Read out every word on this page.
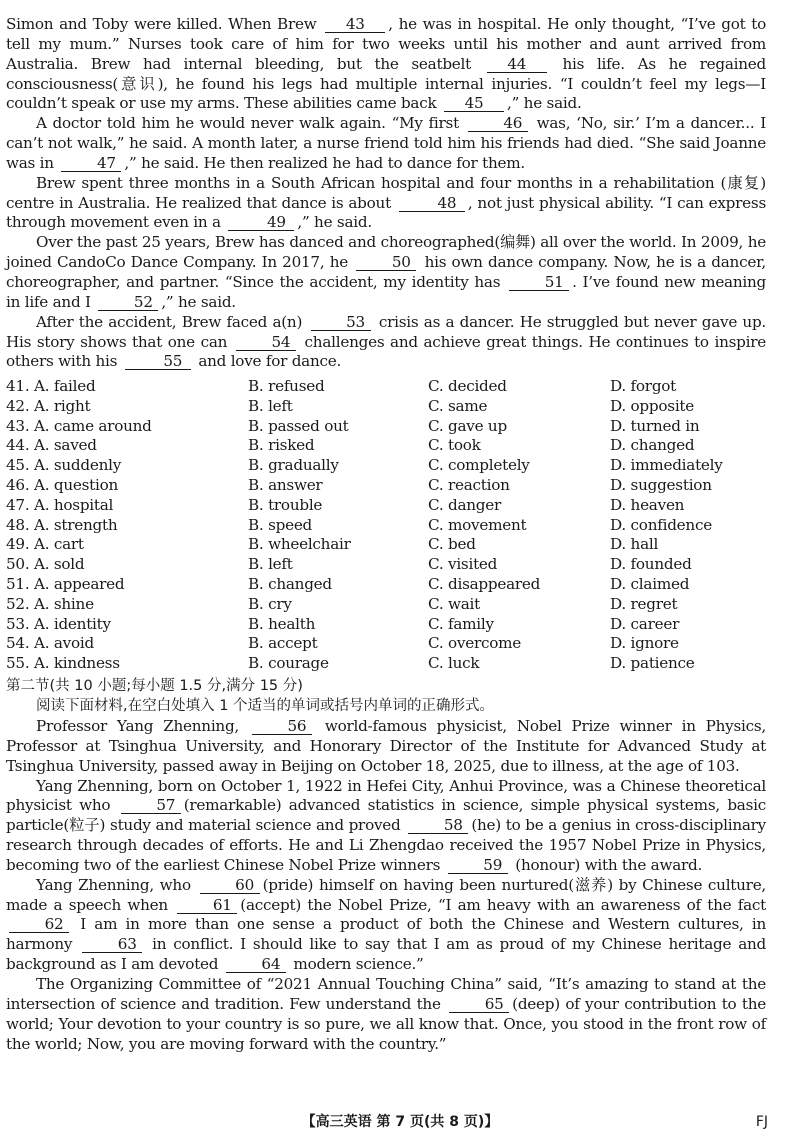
Simon and Toby were killed. When Brew 43 , he was in hospital. He only thought, “I’ve got to tell my mum.” Nurses took care of him for two weeks until his mother and aunt arrived from Australia. Brew had internal bleeding, but the seatbelt 44 his life. As he regained consciousness(意识), he found his legs had multiple internal injuries. “I couldn’t feel my legs—I couldn’t speak or use my arms. These abilities came back 45 ,” he said.

A doctor told him he would never walk again. “My first	46 was, ‘No, sir.’ I’m a dancer... I can’t not walk,” he said. A month later, a nurse friend told him his friends had died. “She said Joanne was in	47 ,” he said. He then realized he had to dance for them.

Brew spent three months in a South African hospital and four months in a rehabilitation (康复) centre in Australia. He realized that dance is about	48 , not just physical ability. “I can express through movement even in a	49 ,” he said.

Over the past 25 years, Brew has danced and choreographed(编舞) all over the world. In 2009, he joined CandoCo Dance Company. In 2017, he	50 his own dance company. Now, he is a dancer, choreographer, and partner. “Since the accident, my identity has	51 . I’ve found new meaning in life and I	52 ,” he said.

After the accident, Brew faced a(n)	53 crisis as a dancer. He struggled but never gave up. His story shows that one can	54 challenges and achieve great things. He continues to inspire others with his	55 and love for dance.

41. A. failed	B. refused	C. decided	D. forgot
42. A. right	B. left	C. same	D. opposite
43. A. came around	B. passed out	C. gave up	D. turned in
44. A. saved	B. risked	C. took	D. changed
45. A. suddenly	B. gradually	C. completely	D. immediately
46. A. question	B. answer	C. reaction	D. suggestion
47. A. hospital	B. trouble	C. danger	D. heaven
48. A. strength	B. speed	C. movement	D. confidence
49. A. cart	B. wheelchair	C. bed	D. hall
50. A. sold	B. left	C. visited	D. founded
51. A. appeared	B. changed	C. disappeared	D. claimed
52. A. shine	B. cry	C. wait	D. regret
53. A. identity	B. health	C. family	D. career
54. A. avoid	B. accept	C. overcome	D. ignore
55. A. kindness	B. courage	C. luck	D. patience

第二节(共 10 小题;每小题 1.5 分,满分 15 分)

阅读下面材料,在空白处填入 1 个适当的单词或括号内单词的正确形式。

Professor Yang Zhenning,	56 world-famous physicist, Nobel Prize winner in Physics, Professor at Tsinghua University, and Honorary Director of the Institute for Advanced Study at Tsinghua University, passed away in Beijing on October 18, 2025, due to illness, at the age of 103.

Yang Zhenning, born on October 1, 1922 in Hefei City, Anhui Province, was a Chinese theoretical physicist who	57 (remarkable) advanced statistics in science, simple physical systems, basic particle(粒子) study and material science and proved	58 (he) to be a genius in cross-disciplinary research through decades of efforts. He and Li Zhengdao received the 1957 Nobel Prize in Physics, becoming two of the earliest Chinese Nobel Prize winners	59 (honour) with the award.

Yang Zhenning, who	60 (pride) himself on having been nurtured(滋养) by Chinese culture, made a speech when	61 (accept) the Nobel Prize, “I am heavy with an awareness of the fact 62 I am in more than one sense a product of both the Chinese and Western cultures, in harmony	63 in conflict. I should like to say that I am as proud of my Chinese heritage and background as I am devoted	64 modern science.”

The Organizing Committee of “2021 Annual Touching China” said, “It’s amazing to stand at the intersection of science and tradition. Few understand the	65 (deep) of your contribution to the world; Your devotion to your country is so pure, we all know that. Once, you stood in the front row of the world; Now, you are moving forward with the country.”

【高三英语 第 7 页(共 8 页)】	FJ
